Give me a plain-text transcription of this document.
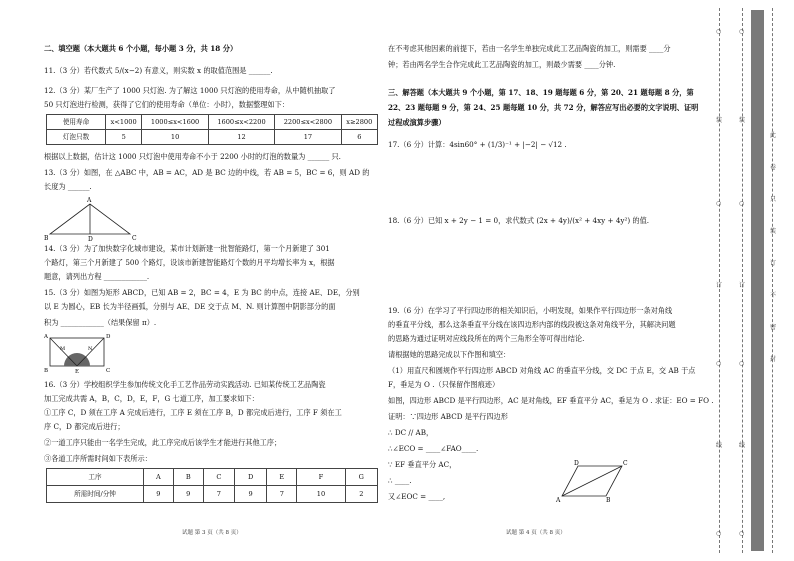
二、填空题（本大题共 6 个小题，每小题 3 分，共 18 分）
11.（3 分）若代数式 5/(x−2) 有意义，则实数 x 的取值范围是 ______.
12.（3 分）某厂生产了 1000 只灯泡. 为了解这 1000 只灯泡的使用寿命，从中随机抽取了
50 只灯泡进行检测，获得了它们的使用寿命（单位：小时），数据整理如下：
使用寿命	x<1000	1000≤x<1600	1600≤x<2200	2200≤x<2800	x≥2800
灯泡只数	5	10	12	17	6
根据以上数据，估计这 1000 只灯泡中使用寿命不小于 2200 小时的灯泡的数量为 ______ 只.
13.（3 分）如图，在 △ABC 中，AB = AC，AD 是 BC 边的中线，若 AB = 5，BC = 6，则 AD 的
长度为 ______.
A
B	C
D
14.（3 分）为了加快数字化城市建设，某市计划新建一批智能路灯，第一个月新建了 301
个路灯，第三个月新建了 500 个路灯，设该市新建智能路灯个数的月平均增长率为 x，根据
题意，请列出方程 ____________.
15.（3 分）如图为矩形 ABCD，已知 AB = 2，BC = 4，E 为 BC 的中点，连接 AE、DE，分别
以 E 为圆心，EB 长为半径画弧，分别与 AE、DE 交于点 M、N. 则计算图中阴影部分的面
积为 ____________（结果保留 π）.
A	D
B	C
E
M	N
16.（3 分）学校组织学生参加传统文化手工艺作品劳动实践活动. 已知某传统工艺品陶瓷
加工完成共需 A，B，C，D，E，F，G 七道工序，加工要求如下：
①工序 C，D 须在工序 A 完成后进行，工序 E 须在工序 B，D 都完成后进行，工序 F 须在工
序 C，D 都完成后进行；
②一道工序只能由一名学生完成，此工序完成后该学生才能进行其他工序；
③各道工序所需时间如下表所示：
工序	A	B	C	D	E	F	G
所需时间/分钟	9	9	7	9	7	10	2
试题 第 3 页（共 8 页）
在不考虑其他因素的前提下，若由一名学生单独完成此工艺品陶瓷的加工，则需要 ____分
钟；若由两名学生合作完成此工艺品陶瓷的加工，则最少需要 ____分钟.
三、解答题（本大题共 9 个小题，第 17、18、19 题每题 6 分，第 20、21 题每题 8 分，第
22、23 题每题 9 分，第 24、25 题每题 10 分，共 72 分，解答应写出必要的文字说明、证明
过程或演算步骤）
17.（6 分）计算：4sin60° + (1/3)⁻¹ + |−2| − √12 .
18.（6 分）已知 x + 2y − 1 = 0，求代数式 (2x + 4y)/(x² + 4xy + 4y²) 的值.
19.（6 分）在学习了平行四边形的相关知识后，小明发现，如果作平行四边形一条对角线
的垂直平分线，那么这条垂直平分线在该四边形内部的线段被这条对角线平分，其解决问题
的思路为通过证明对应线段所在的两个三角形全等可得出结论.
请根据她的思路完成以下作图和填空：
（1）用直尺和圆规作平行四边形 ABCD 对角线 AC 的垂直平分线，交 DC 于点 E，交 AB 于点
F，垂足为 O .（只保留作图痕迹）
如图，四边形 ABCD 是平行四边形，AC 是对角线，EF 垂直平分 AC，垂足为 O . 求证：EO = FO .
证明：∵四边形 ABCD 是平行四边形
∴ DC // AB，
∴∠ECO = ____∠FAO____.
∵ EF 垂直平分 AC，
∴ ____.
又∠EOC = ____,
D	C
A	B
试题 第 4 页（共 8 页）
○
装
○
订
○
线
○
○
装
○
订
○
线
○
此
卷
只
装
订
不
密
封
